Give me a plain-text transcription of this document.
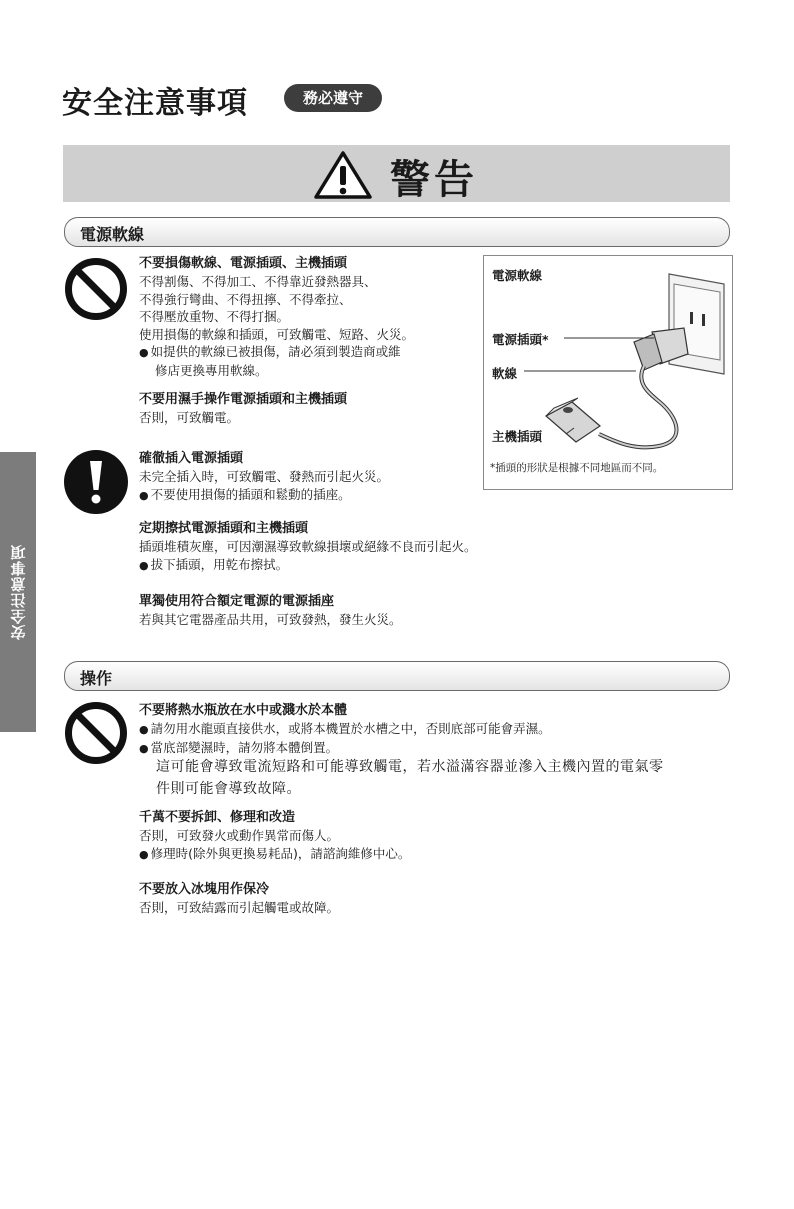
安全注意事項	務必遵守
警告
安全注意事項
電源軟線
不要損傷軟線、電源插頭、主機插頭
不得割傷、不得加工、不得靠近發熱器具、
不得強行彎曲、不得扭擰、不得牽拉、
不得壓放重物、不得打捆。
使用損傷的軟線和插頭，可致觸電、短路、火災。
● 如提供的軟線已被損傷，請必須到製造商或維
修店更換專用軟線。
不要用濕手操作電源插頭和主機插頭
否則，可致觸電。
確徹插入電源插頭
未完全插入時，可致觸電、發熱而引起火災。
● 不要使用損傷的插頭和鬆動的插座。
定期擦拭電源插頭和主機插頭
插頭堆積灰塵，可因潮濕導致軟線損壞或絕緣不良而引起火。
● 拔下插頭，用乾布擦拭。
單獨使用符合額定電源的電源插座
若與其它電器產品共用，可致發熱，發生火災。
電源軟線
電源插頭*
軟線
主機插頭
*插頭的形狀是根據不同地區而不同。
操作
不要將熱水瓶放在水中或濺水於本體
● 請勿用水龍頭直接供水，或將本機置於水槽之中，否則底部可能會弄濕。
● 當底部變濕時，請勿將本體倒置。
這可能會導致電流短路和可能導致觸電，若水溢滿容器並滲入主機內置的電氣零
件則可能會導致故障。
千萬不要拆卸、修理和改造
否則，可致發火或動作異常而傷人。
● 修理時(除外與更換易耗品)，請諮詢維修中心。
不要放入冰塊用作保冷
否則，可致結露而引起觸電或故障。
